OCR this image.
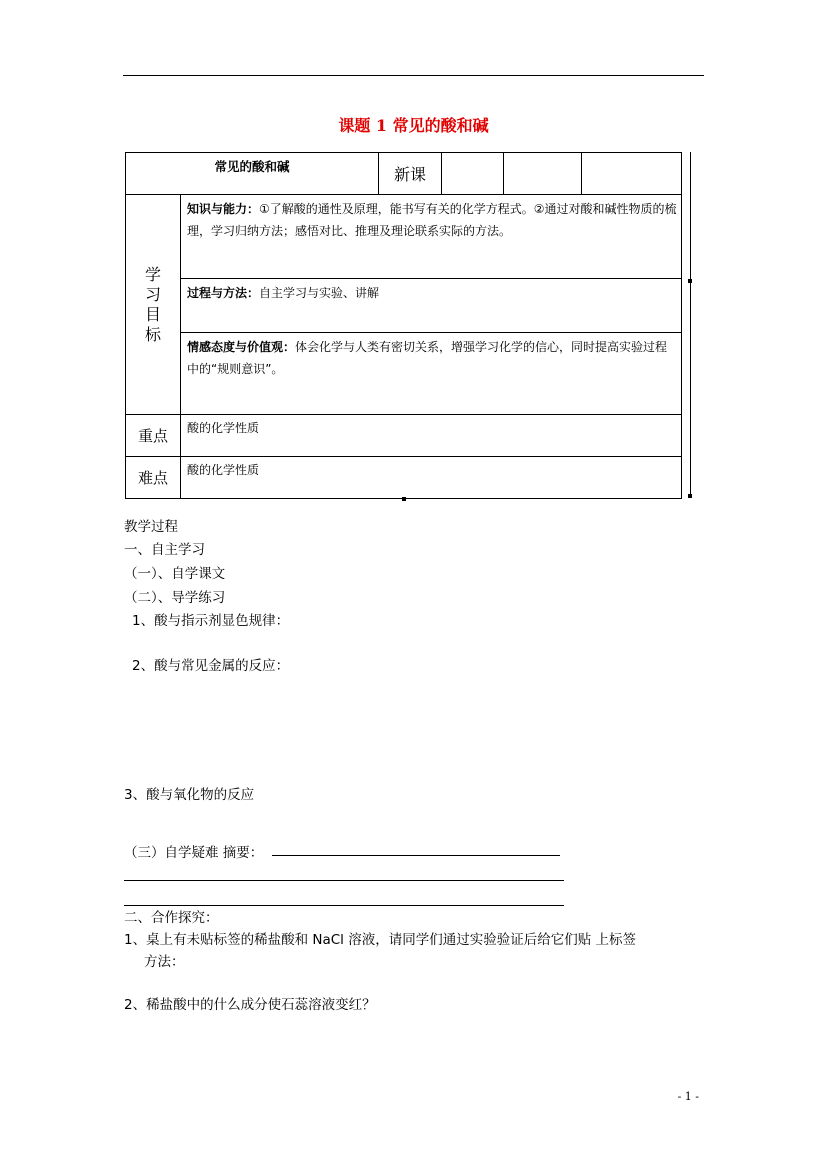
课题 1 常见的酸和碱
常见的酸和碱		新课			

学
习
目
标	知识与能力：①了解酸的通性及原理，能书写有关的化学方程式。②通过对酸和碱性物质的梳理，学习归纳方法；感悟对比、推理及理论联系实际的方法。				
	过程与方法：自主学习与实验、讲解				
	情感态度与价值观：体会化学与人类有密切关系，增强学习化学的信心，同时提高实验过程中的“规则意识”。				
重点	酸的化学性质				
难点	酸的化学性质				
教学过程
一、自主学习
（一）、自学课文
（二）、导学练习
1、酸与指示剂显色规律：
2、酸与常见金属的反应：
3、酸与氧化物的反应
（三）自学疑难 摘要：
二、合作探究：
1、桌上有未贴标签的稀盐酸和 NaCl 溶液，请同学们通过实验验证后给它们贴 上标签
方法：
2、稀盐酸中的什么成分使石蕊溶液变红？
- 1 -
